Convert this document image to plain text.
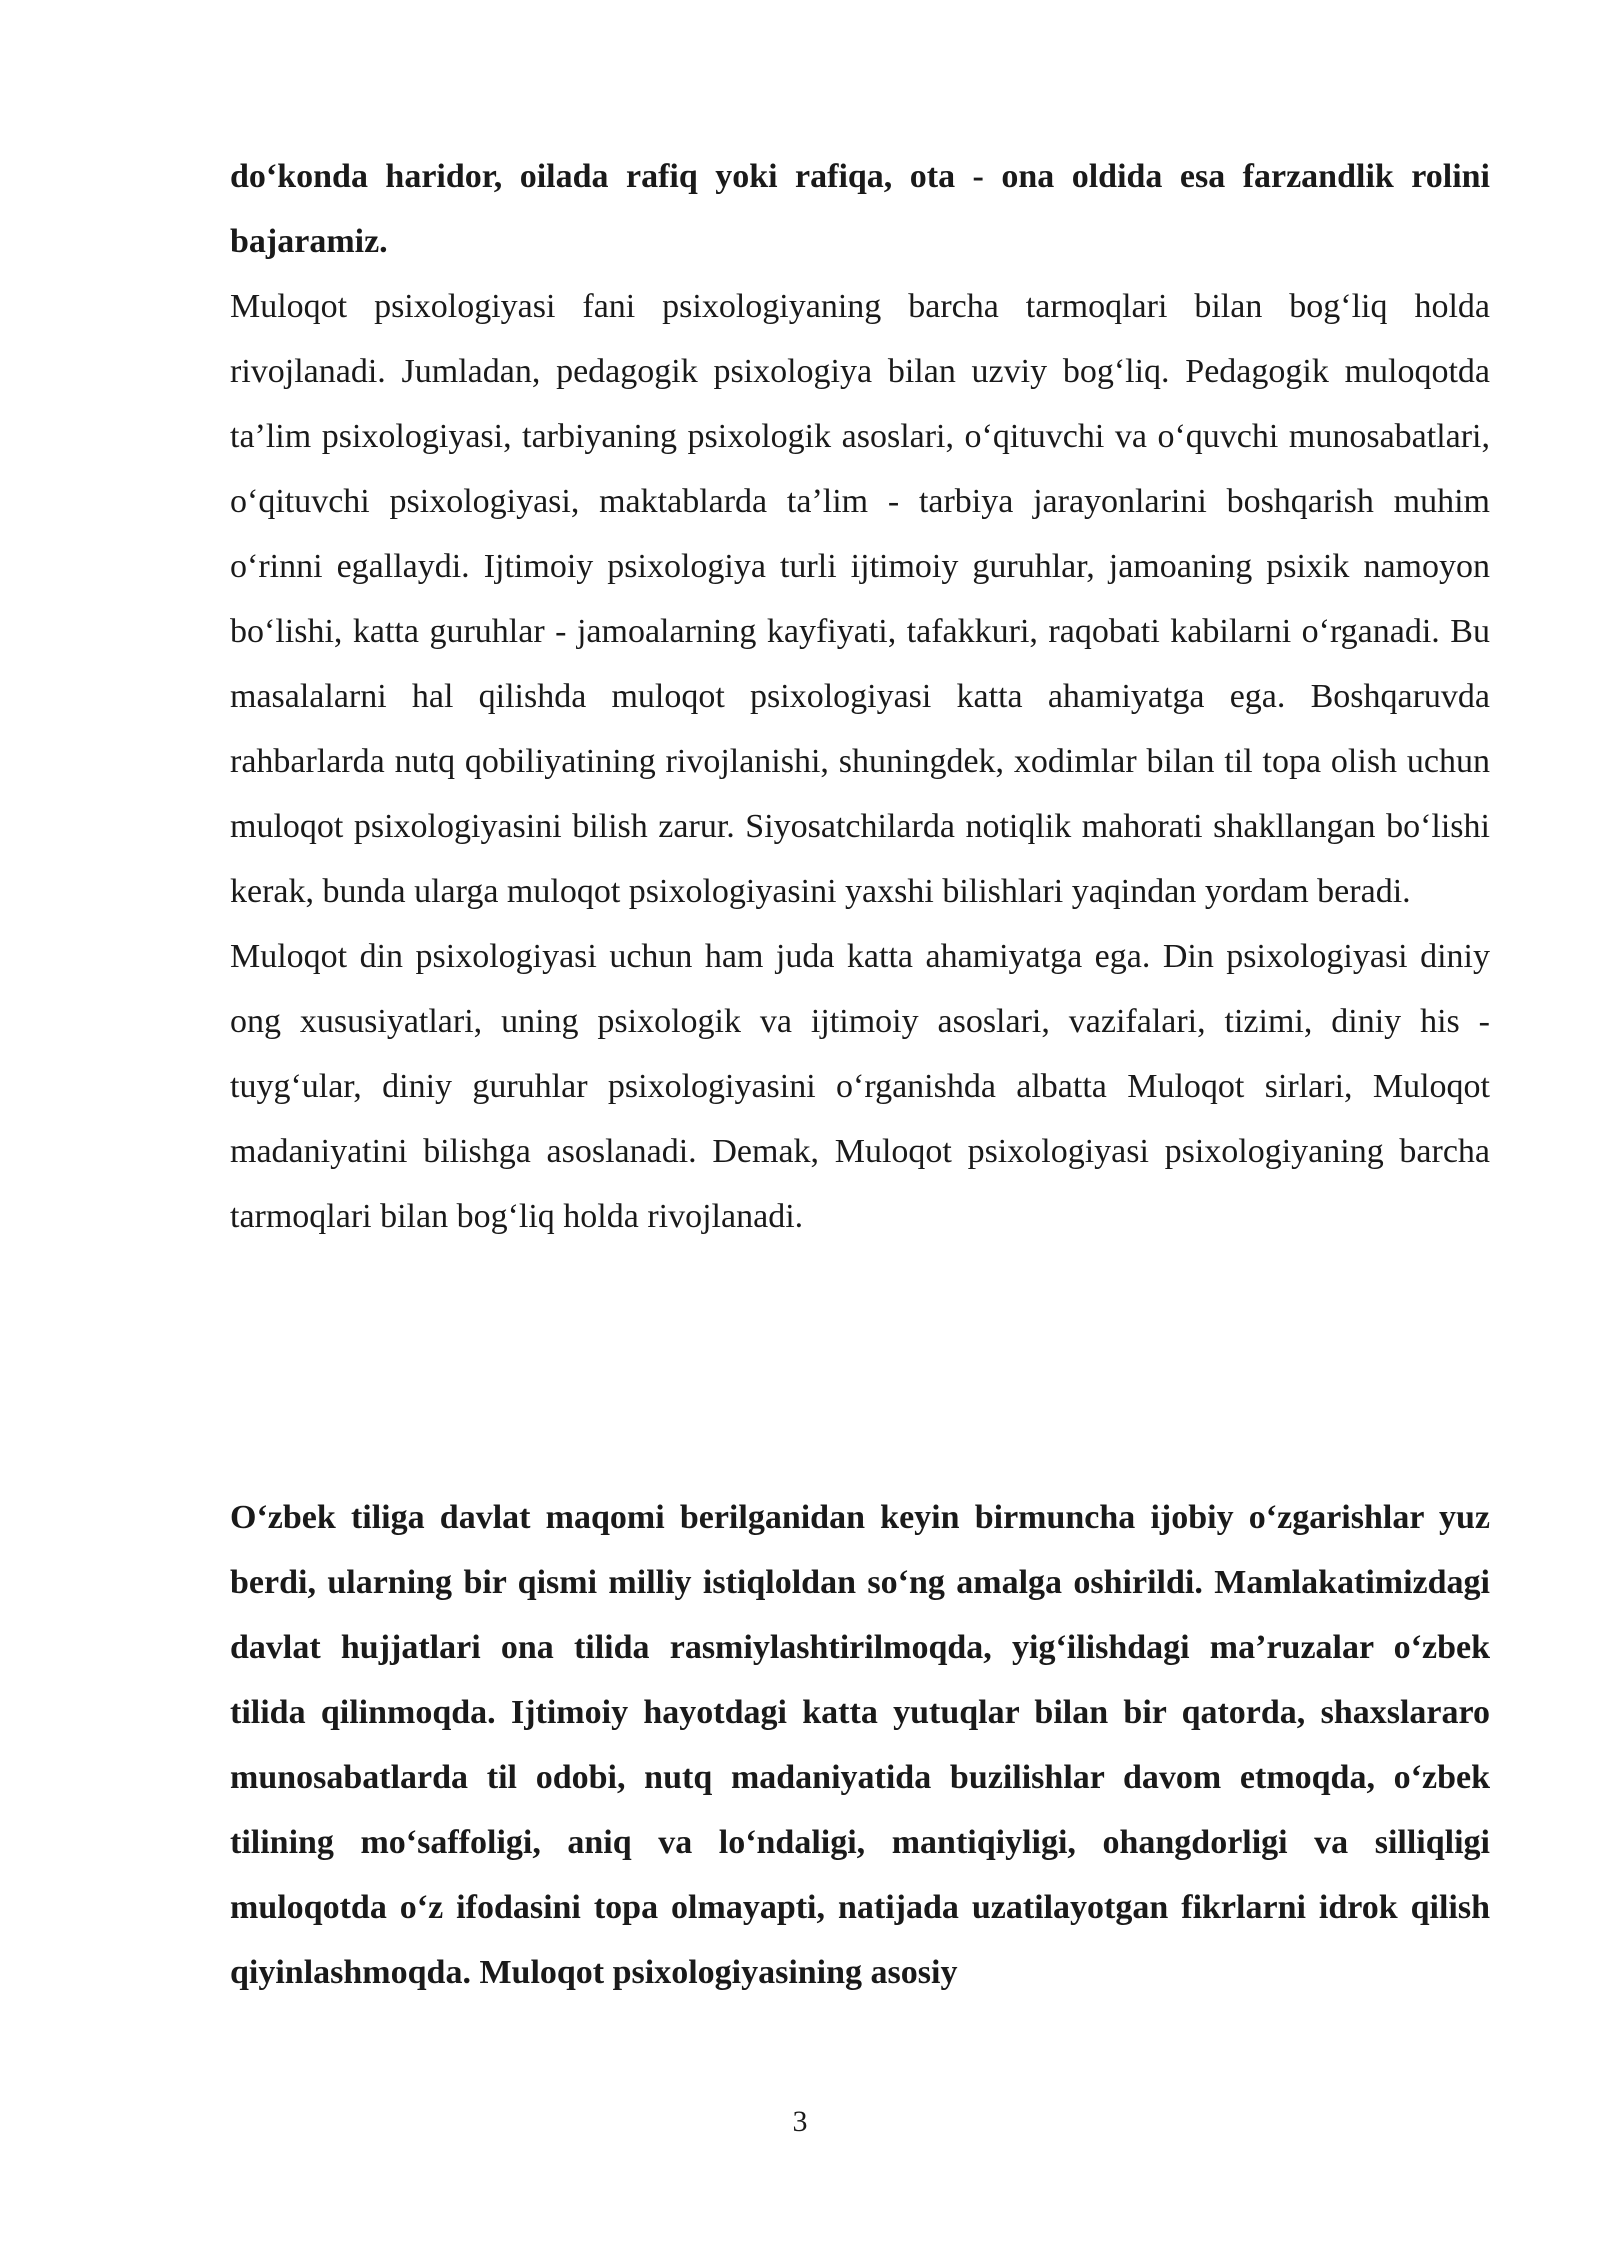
doʻkonda haridor, oilada rafiq yoki rafiqa, ota - ona oldida esa farzandlik rolini bajaramiz.

Muloqot psixologiyasi fani psixologiyaning barcha tarmoqlari bilan bogʻliq holda rivojlanadi. Jumladan, pedagogik psixologiya bilan uzviy bogʻliq. Pedagogik muloqotda taʼlim psixologiyasi, tarbiyaning psixologik asoslari, oʻqituvchi va oʻquvchi munosabatlari, oʻqituvchi psixologiyasi, maktablarda taʼlim - tarbiya jarayonlarini boshqarish muhim oʻrinni egallaydi. Ijtimoiy psixologiya turli ijtimoiy guruhlar, jamoaning psixik namoyon boʻlishi, katta guruhlar - jamoalarning kayfiyati, tafakkuri, raqobati kabilarni oʻrganadi. Bu masalalarni hal qilishda muloqot psixologiyasi katta ahamiyatga ega. Boshqaruvda rahbarlarda nutq qobiliyatining rivojlanishi, shuningdek, xodimlar bilan til topa olish uchun muloqot psixologiyasini bilish zarur. Siyosatchilarda notiqlik mahorati shakllangan boʻlishi kerak, bunda ularga muloqot psixologiyasini yaxshi bilishlari yaqindan yordam beradi.

Muloqot din psixologiyasi uchun ham juda katta ahamiyatga ega. Din psixologiyasi diniy ong xususiyatlari, uning psixologik va ijtimoiy asoslari, vazifalari, tizimi, diniy his - tuygʻular, diniy guruhlar psixologiyasini oʻrganishda albatta Muloqot sirlari, Muloqot madaniyatini bilishga asoslanadi. Demak, Muloqot psixologiyasi psixologiyaning barcha tarmoqlari bilan bogʻliq holda rivojlanadi.

Oʻzbek tiliga davlat maqomi berilganidan keyin birmuncha ijobiy oʻzgarishlar yuz berdi, ularning bir qismi milliy istiqloldan soʻng amalga oshirildi. Mamlakatimizdagi davlat hujjatlari ona tilida rasmiylashtirilmoqda, yigʻilishdagi maʼruzalar oʻzbek tilida qilinmoqda. Ijtimoiy hayotdagi katta yutuqlar bilan bir qatorda, shaxslararo munosabatlarda til odobi, nutq madaniyatida buzilishlar davom etmoqda, oʻzbek tilining moʻsaffoligi, aniq va loʻndaligi, mantiqiyligi, ohangdorligi va silliqligi muloqotda oʻz ifodasini topa olmayapti, natijada uzatilayotgan fikrlarni idrok qilish qiyinlashmoqda. Muloqot psixologiyasining asosiy

3
